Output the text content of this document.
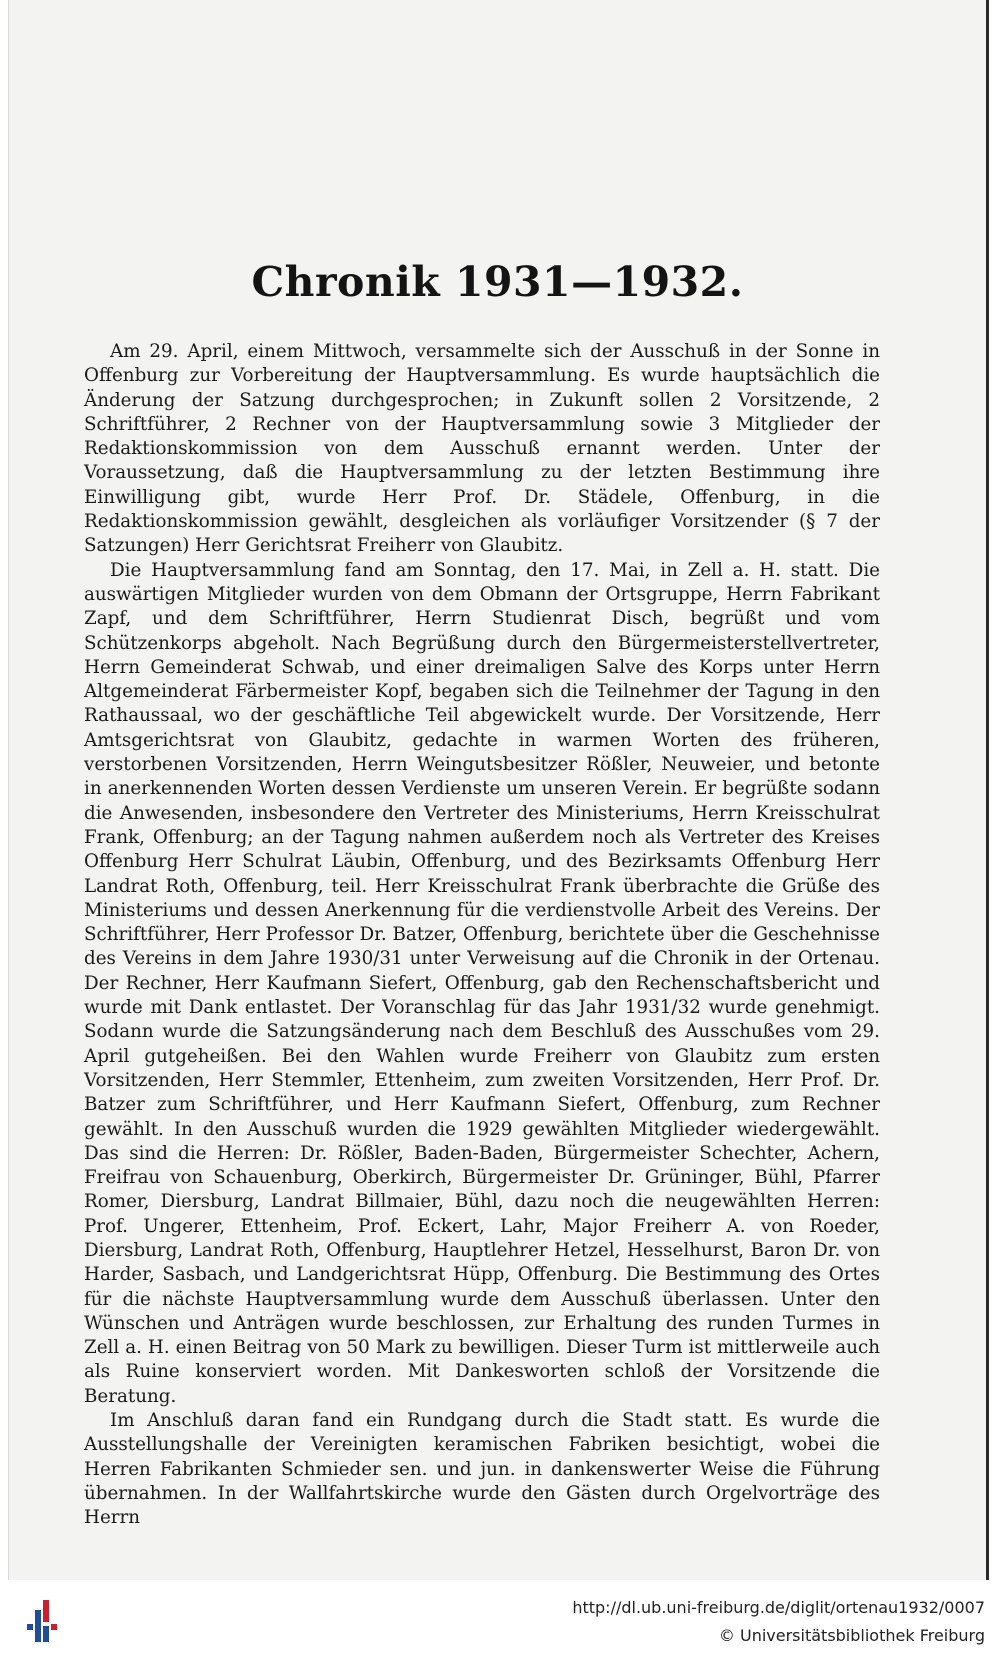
Chronik 1931—1932.

Am 29. April, einem Mittwoch, versammelte sich der Ausschuß in der Sonne in Offenburg zur Vorbereitung der Hauptversammlung. Es wurde hauptsächlich die Änderung der Satzung durchgesprochen; in Zukunft sollen 2 Vorsitzende, 2 Schriftführer, 2 Rechner von der Hauptversammlung sowie 3 Mitglieder der Redaktionskommission von dem Ausschuß ernannt werden. Unter der Voraussetzung, daß die Hauptversammlung zu der letzten Bestimmung ihre Einwilligung gibt, wurde Herr Prof. Dr. Städele, Offenburg, in die Redaktionskommission gewählt, desgleichen als vorläufiger Vorsitzender (§ 7 der Satzungen) Herr Gerichtsrat Freiherr von Glaubitz.

Die Hauptversammlung fand am Sonntag, den 17. Mai, in Zell a. H. statt. Die auswärtigen Mitglieder wurden von dem Obmann der Ortsgruppe, Herrn Fabrikant Zapf, und dem Schriftführer, Herrn Studienrat Disch, begrüßt und vom Schützenkorps abgeholt. Nach Begrüßung durch den Bürgermeisterstellvertreter, Herrn Gemeinderat Schwab, und einer dreimaligen Salve des Korps unter Herrn Altgemeinderat Färbermeister Kopf, begaben sich die Teilnehmer der Tagung in den Rathaussaal, wo der geschäftliche Teil abgewickelt wurde. Der Vorsitzende, Herr Amtsgerichtsrat von Glaubitz, gedachte in warmen Worten des früheren, verstorbenen Vorsitzenden, Herrn Weingutsbesitzer Rößler, Neuweier, und betonte in anerkennenden Worten dessen Verdienste um unseren Verein. Er begrüßte sodann die Anwesenden, insbesondere den Vertreter des Ministeriums, Herrn Kreisschulrat Frank, Offenburg; an der Tagung nahmen außerdem noch als Vertreter des Kreises Offenburg Herr Schulrat Läubin, Offenburg, und des Bezirksamts Offenburg Herr Landrat Roth, Offenburg, teil. Herr Kreisschulrat Frank überbrachte die Grüße des Ministeriums und dessen Anerkennung für die verdienstvolle Arbeit des Vereins. Der Schriftführer, Herr Professor Dr. Batzer, Offenburg, berichtete über die Geschehnisse des Vereins in dem Jahre 1930/31 unter Verweisung auf die Chronik in der Ortenau. Der Rechner, Herr Kaufmann Siefert, Offenburg, gab den Rechenschaftsbericht und wurde mit Dank entlastet. Der Voranschlag für das Jahr 1931/32 wurde genehmigt. Sodann wurde die Satzungsänderung nach dem Beschluß des Ausschußes vom 29. April gutgeheißen. Bei den Wahlen wurde Freiherr von Glaubitz zum ersten Vorsitzenden, Herr Stemmler, Ettenheim, zum zweiten Vorsitzenden, Herr Prof. Dr. Batzer zum Schriftführer, und Herr Kaufmann Siefert, Offenburg, zum Rechner gewählt. In den Ausschuß wurden die 1929 gewählten Mitglieder wiedergewählt. Das sind die Herren: Dr. Rößler, Baden-Baden, Bürgermeister Schechter, Achern, Freifrau von Schauenburg, Oberkirch, Bürgermeister Dr. Grüninger, Bühl, Pfarrer Romer, Diersburg, Landrat Billmaier, Bühl, dazu noch die neugewählten Herren: Prof. Ungerer, Ettenheim, Prof. Eckert, Lahr, Major Freiherr A. von Roeder, Diersburg, Landrat Roth, Offenburg, Hauptlehrer Hetzel, Hesselhurst, Baron Dr. von Harder, Sasbach, und Landgerichtsrat Hüpp, Offenburg. Die Bestimmung des Ortes für die nächste Hauptversammlung wurde dem Ausschuß überlassen. Unter den Wünschen und Anträgen wurde beschlossen, zur Erhaltung des runden Turmes in Zell a. H. einen Beitrag von 50 Mark zu bewilligen. Dieser Turm ist mittlerweile auch als Ruine konserviert worden. Mit Dankesworten schloß der Vorsitzende die Beratung.

Im Anschluß daran fand ein Rundgang durch die Stadt statt. Es wurde die Ausstellungshalle der Vereinigten keramischen Fabriken besichtigt, wobei die Herren Fabrikanten Schmieder sen. und jun. in dankenswerter Weise die Führung übernahmen. In der Wallfahrtskirche wurde den Gästen durch Orgelvorträge des Herrn

http://dl.ub.uni-freiburg.de/diglit/ortenau1932/0007
© Universitätsbibliothek Freiburg
